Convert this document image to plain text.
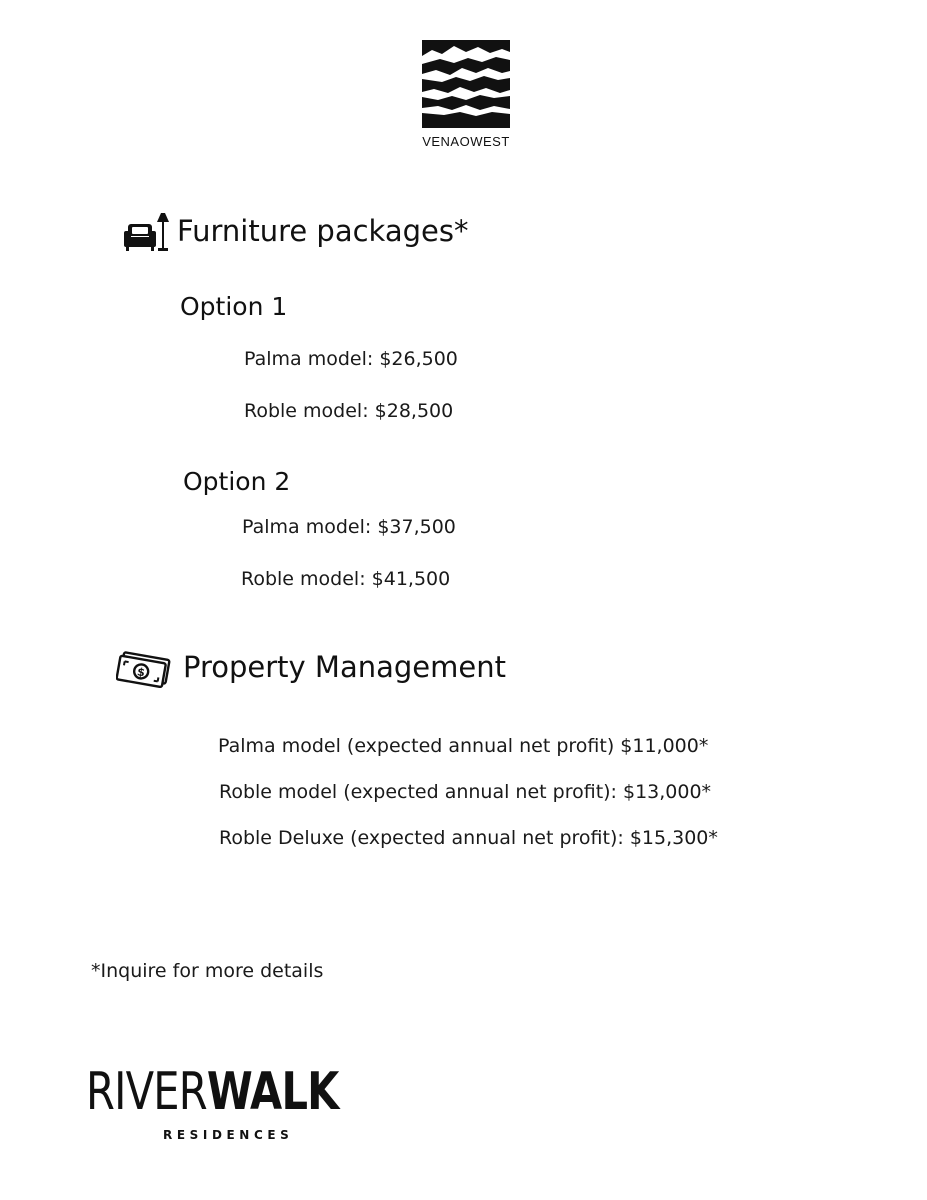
VENAOWEST
Furniture packages*
Option 1
Palma model: $26,500
Roble model: $28,500
Option 2
Palma model: $37,500
Roble model: $41,500
$ Property Management
Palma model (expected annual net profit) $11,000*
Roble model (expected annual net profit): $13,000*
Roble Deluxe (expected annual net profit): $15,300*
*Inquire for more details
RIVERWALK
RESIDENCES
